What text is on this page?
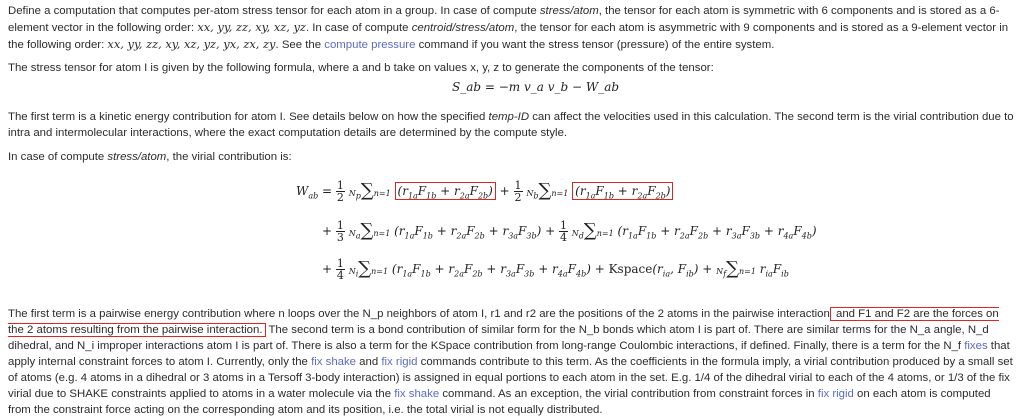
Define a computation that computes per-atom stress tensor for each atom in a group. In case of compute stress/atom, the tensor for each atom is symmetric with 6 components and is stored as a 6-element vector in the following order: xx, yy, zz, xy, xz, yz. In case of compute centroid/stress/atom, the tensor for each atom is asymmetric with 9 components and is stored as a 9-element vector in the following order: xx, yy, zz, xy, xz, yz, yx, zx, zy. See the compute pressure command if you want the stress tensor (pressure) of the entire system.

The stress tensor for atom I is given by the following formula, where a and b take on values x, y, z to generate the components of the tensor:

S_ab = −m v_a v_b − W_ab

The first term is a kinetic energy contribution for atom I. See details below on how the specified temp-ID can affect the velocities used in this calculation. The second term is the virial contribution due to intra and intermolecular interactions, where the exact computation details are determined by the compute style.

In case of compute stress/atom, the virial contribution is:

$W_{ab} = \frac{1}{2} N_p\sum n=1$ $(r_{1a}F_{1b} + r_{2a}F_{2b}) + \frac{1}{2} N_b\sum n=1$ $(r_{1a}F_{1b} + r_{2a}F_{2b})$
+ $\frac{1}{3} N_a\sum n=1$ $(r_{1a}F_{1b} + r_{2a}F_{2b} + r_{3a}F_{3b}) + \frac{1}{4} N_d\sum n=1$ $(r_{1a}F_{1b} + r_{2a}F_{2b} + r_{3a}F_{3b} + r_{4a}F_{4b})$
+ $\frac{1}{4} N_i\sum n=1$ $(r_{1a}F_{1b} + r_{2a}F_{2b} + r_{3a}F_{3b} + r_{4a}F_{4b})$ + $Kspace(r_{ia}$, $F_{ib}) + N_f\sum n=1$ $r_{ia}F_{ib}$

The first term is a pairwise energy contribution where n loops over the N_p neighbors of atom I, r1 and r2 are the positions of the 2 atoms in the pairwise interaction and F1 and F2 are the forces on the 2 atoms resulting from the pairwise interaction. The second term is a bond contribution of similar form for the N_b bonds which atom I is part of. There are similar terms for the N_a angle, N_d dihedral, and N_i improper interactions atom I is part of. There is also a term for the KSpace contribution from long-range Coulombic interactions, if defined. Finally, there is a term for the N_f fixes that apply internal constraint forces to atom I. Currently, only the fix shake and fix rigid commands contribute to this term. As the coefficients in the formula imply, a virial contribution produced by a small set of atoms (e.g. 4 atoms in a dihedral or 3 atoms in a Tersoff 3-body interaction) is assigned in equal portions to each atom in the set. E.g. 1/4 of the dihedral virial to each of the 4 atoms, or 1/3 of the fix virial due to SHAKE constraints applied to atoms in a water molecule via the fix shake command. As an exception, the virial contribution from constraint forces in fix rigid on each atom is computed from the constraint force acting on the corresponding atom and its position, i.e. the total virial is not equally distributed.
